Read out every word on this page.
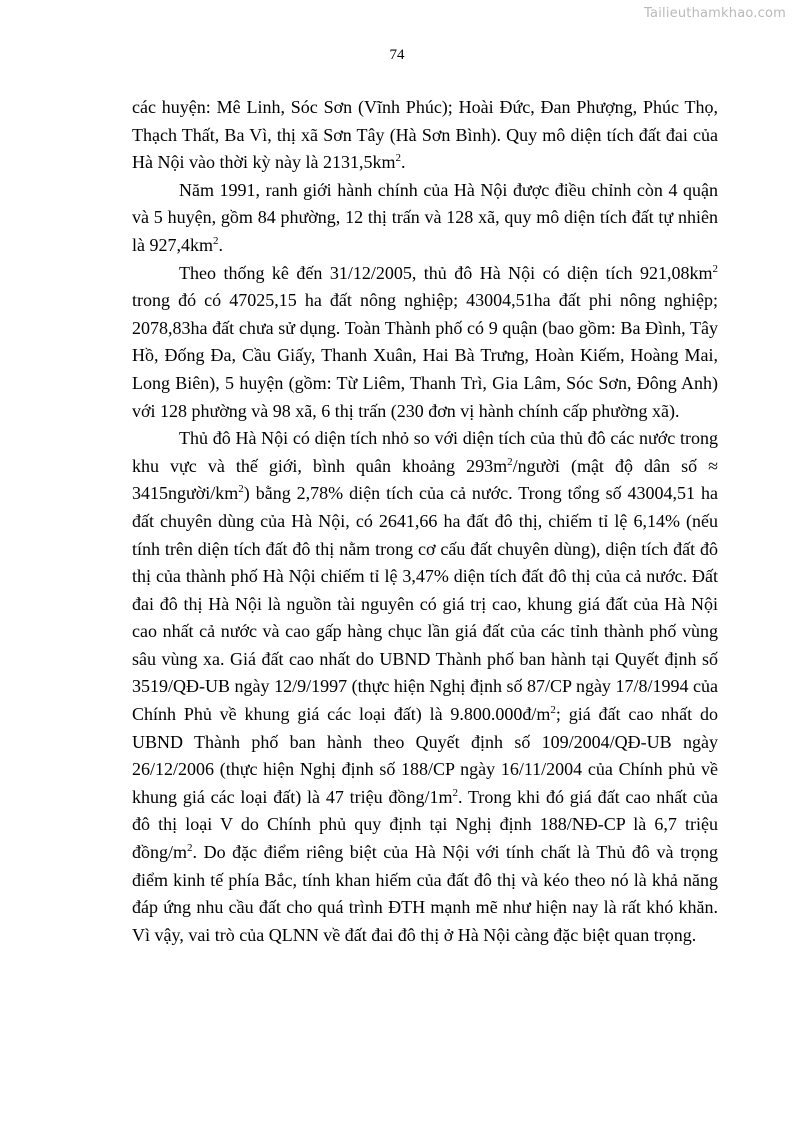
Tailieuthamkhao.com
74

các huyện: Mê Linh, Sóc Sơn (Vĩnh Phúc); Hoài Đức, Đan Phượng, Phúc Thọ, Thạch Thất, Ba Vì, thị xã Sơn Tây (Hà Sơn Bình). Quy mô diện tích đất đai của Hà Nội vào thời kỳ này là $2131,5km^2$.

Năm 1991, ranh giới hành chính của Hà Nội được điều chỉnh còn 4 quận và 5 huyện, gồm 84 phường, 12 thị trấn và 128 xã, quy mô diện tích đất tự nhiên là $927,4km^2$.

Theo thống kê đến 31/12/2005, thủ đô Hà Nội có diện tích $921,08km^2$ trong đó có 47025,15 ha đất nông nghiệp; 43004,51ha đất phi nông nghiệp; 2078,83ha đất chưa sử dụng. Toàn Thành phố có 9 quận (bao gồm: Ba Đình, Tây Hồ, Đống Đa, Cầu Giấy, Thanh Xuân, Hai Bà Trưng, Hoàn Kiếm, Hoàng Mai, Long Biên), 5 huyện (gồm: Từ Liêm, Thanh Trì, Gia Lâm, Sóc Sơn, Đông Anh) với 128 phường và 98 xã, 6 thị trấn (230 đơn vị hành chính cấp phường xã).

Thủ đô Hà Nội có diện tích nhỏ so với diện tích của thủ đô các nước trong khu vực và thế giới, bình quân khoảng $293m^2$/người (mật độ dân số ≈ $3415người/km^2$) bằng 2,78% diện tích của cả nước. Trong tổng số 43004,51 ha đất chuyên dùng của Hà Nội, có 2641,66 ha đất đô thị, chiếm tỉ lệ 6,14% (nếu tính trên diện tích đất đô thị nằm trong cơ cấu đất chuyên dùng), diện tích đất đô thị của thành phố Hà Nội chiếm tỉ lệ 3,47% diện tích đất đô thị của cả nước. Đất đai đô thị Hà Nội là nguồn tài nguyên có giá trị cao, khung giá đất của Hà Nội cao nhất cả nước và cao gấp hàng chục lần giá đất của các tỉnh thành phố vùng sâu vùng xa. Giá đất cao nhất do UBND Thành phố ban hành tại Quyết định số 3519/QĐ-UB ngày 12/9/1997 (thực hiện Nghị định số 87/CP ngày 17/8/1994 của Chính Phủ về khung giá các loại đất) là $9.800.000đ/m^2$; giá đất cao nhất do UBND Thành phố ban hành theo Quyết định số 109/2004/QĐ-UB ngày 26/12/2006 (thực hiện Nghị định số 188/CP ngày 16/11/2004 của Chính phủ về khung giá các loại đất) là 47 triệu đồng/$1m^2$. Trong khi đó giá đất cao nhất của đô thị loại V do Chính phủ quy định tại Nghị định 188/NĐ-CP là 6,7 triệu đồng/$m^2$. Do đặc điểm riêng biệt của Hà Nội với tính chất là Thủ đô và trọng điểm kinh tế phía Bắc, tính khan hiếm của đất đô thị và kéo theo nó là khả năng đáp ứng nhu cầu đất cho quá trình ĐTH mạnh mẽ như hiện nay là rất khó khăn. Vì vậy, vai trò của QLNN về đất đai đô thị ở Hà Nội càng đặc biệt quan trọng.
